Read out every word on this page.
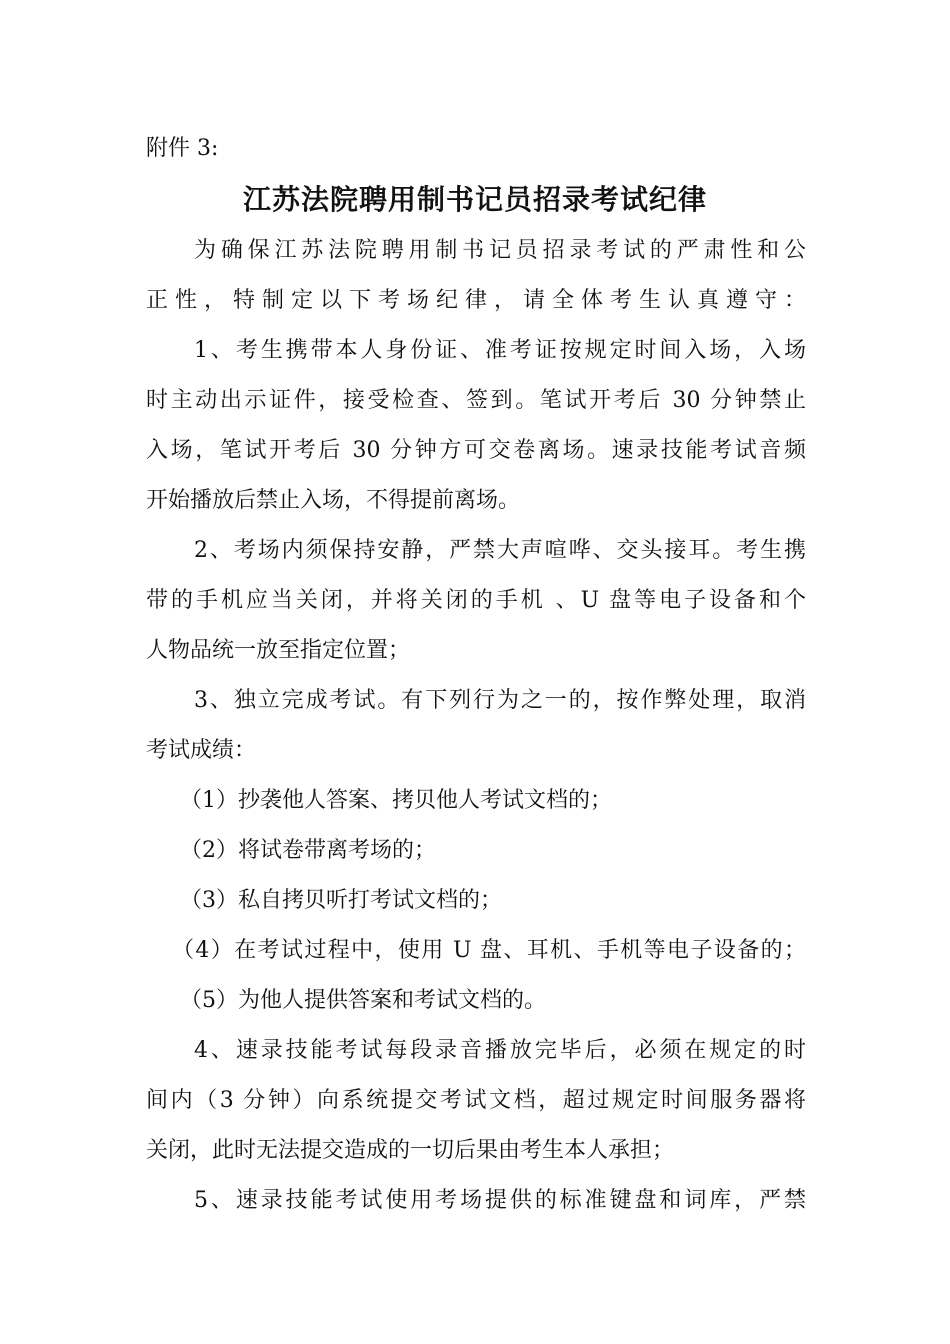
附件 3:
江苏法院聘用制书记员招录考试纪律
为确保江苏法院聘用制书记员招录考试的严肃性和公
正性，特制定以下考场纪律，请全体考生认真遵守：
1、考生携带本人身份证、准考证按规定时间入场，入场
时主动出示证件，接受检查、签到。笔试开考后 30 分钟禁止
入场，笔试开考后 30 分钟方可交卷离场。速录技能考试音频
开始播放后禁止入场，不得提前离场。
2、考场内须保持安静，严禁大声喧哗、交头接耳。考生携
带的手机应当关闭，并将关闭的手机 、U 盘等电子设备和个
人物品统一放至指定位置；
3、独立完成考试。有下列行为之一的，按作弊处理，取消
考试成绩：
（1）抄袭他人答案、拷贝他人考试文档的；
（2）将试卷带离考场的；
（3）私自拷贝听打考试文档的；
（4）在考试过程中，使用 U 盘、耳机、手机等电子设备的；
（5）为他人提供答案和考试文档的。
4、速录技能考试每段录音播放完毕后，必须在规定的时
间内（3 分钟）向系统提交考试文档，超过规定时间服务器将
关闭，此时无法提交造成的一切后果由考生本人承担；
5、速录技能考试使用考场提供的标准键盘和词库，严禁
